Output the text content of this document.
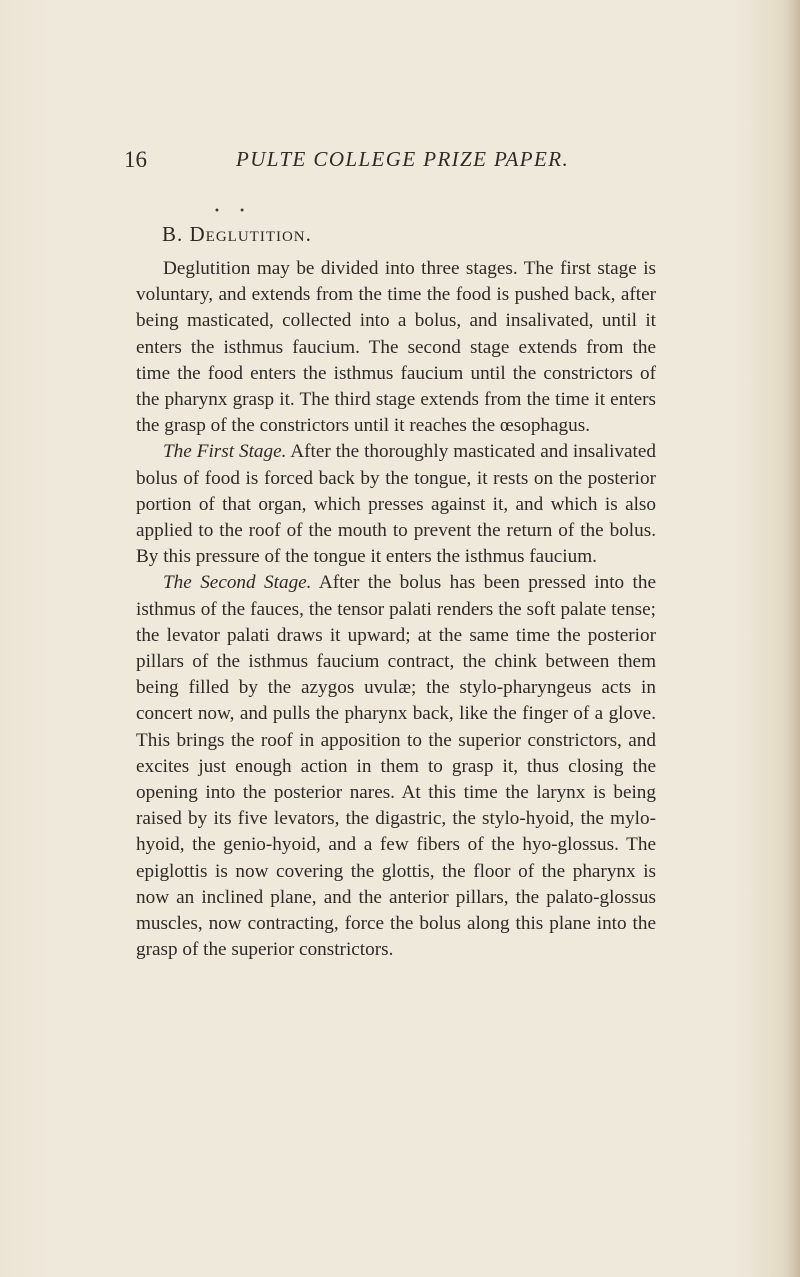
16	PULTE COLLEGE PRIZE PAPER.
• •
B. Deglutition.

Deglutition may be divided into three stages. The first stage is voluntary, and extends from the time the food is pushed back, after being masticated, collected into a bolus, and insalivated, until it enters the isthmus faucium. The second stage extends from the time the food enters the isthmus faucium until the constrictors of the pharynx grasp it. The third stage extends from the time it enters the grasp of the constrictors until it reaches the œsophagus.

The First Stage. After the thoroughly masticated and insalivated bolus of food is forced back by the tongue, it rests on the posterior portion of that organ, which presses against it, and which is also applied to the roof of the mouth to prevent the return of the bolus. By this pressure of the tongue it enters the isthmus faucium.

The Second Stage. After the bolus has been pressed into the isthmus of the fauces, the tensor palati renders the soft palate tense; the levator palati draws it upward; at the same time the posterior pillars of the isthmus faucium contract, the chink between them being filled by the azygos uvulæ; the stylo-pharyngeus acts in concert now, and pulls the pharynx back, like the finger of a glove. This brings the roof in apposition to the superior constrictors, and excites just enough action in them to grasp it, thus closing the opening into the posterior nares. At this time the larynx is being raised by its five levators, the digastric, the stylo-hyoid, the mylo-hyoid, the genio-hyoid, and a few fibers of the hyo-glossus. The epiglottis is now covering the glottis, the floor of the pharynx is now an inclined plane, and the anterior pillars, the palato-glossus muscles, now contracting, force the bolus along this plane into the grasp of the superior constrictors.
